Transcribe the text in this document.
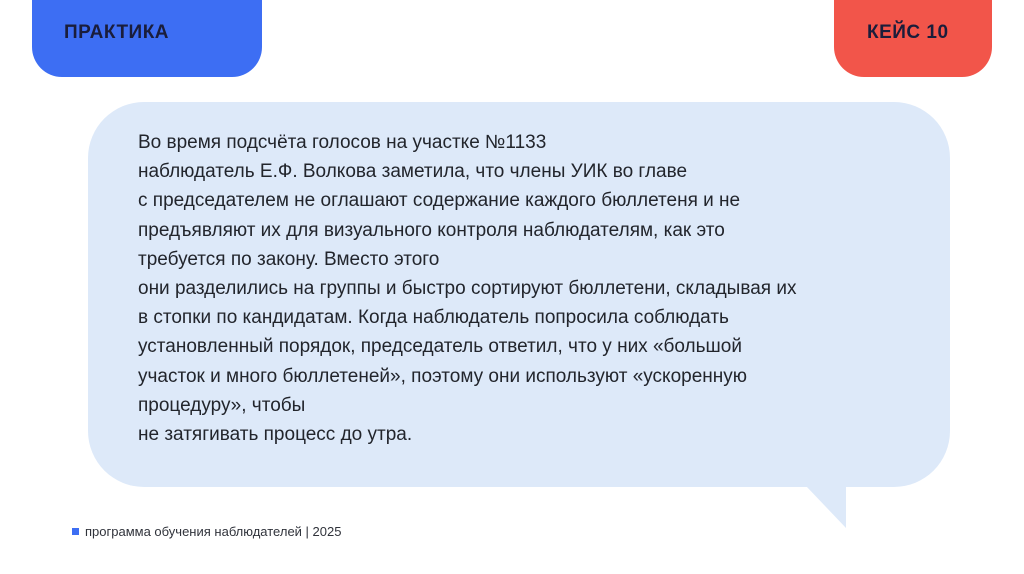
ПРАКТИКА	КЕЙС 10

Во время подсчёта голосов на участке №1133
наблюдатель Е.Ф. Волкова заметила, что члены УИК во главе
с председателем не оглашают содержание каждого бюллетеня и не
предъявляют их для визуального контроля наблюдателям, как это
требуется по закону. Вместо этого
они разделились на группы и быстро сортируют бюллетени, складывая их
в стопки по кандидатам. Когда наблюдатель попросила соблюдать
установленный порядок, председатель ответил, что у них «большой
участок и много бюллетеней», поэтому они используют «ускоренную
процедуру», чтобы
не затягивать процесс до утра.

программа обучения наблюдателей | 2025
